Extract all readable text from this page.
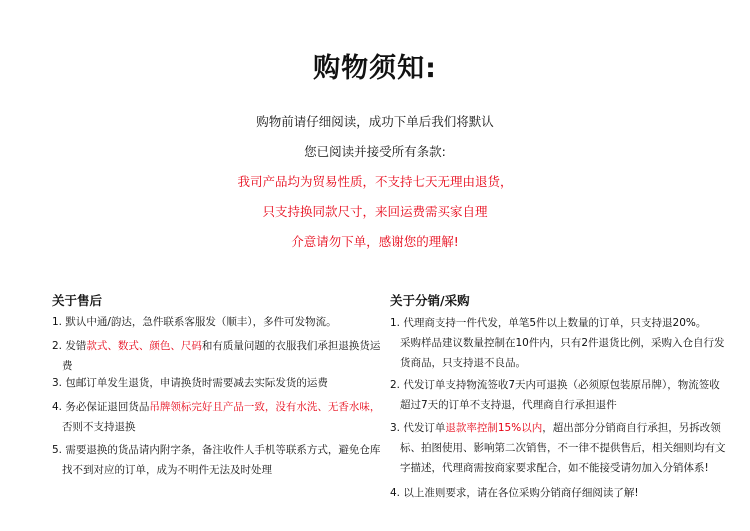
购物须知:
购物前请仔细阅读，成功下单后我们将默认
您已阅读并接受所有条款:
我司产品均为贸易性质，不支持七天无理由退货，
只支持换同款尺寸，来回运费需买家自理
介意请勿下单，感谢您的理解!
关于售后
1. 默认中通/韵达，急件联系客服发（顺丰），多件可发物流。
2. 发错款式、数式、颜色、尺码和有质量问题的衣服我们承担退换货运
费
3. 包邮订单发生退货，申请换货时需要减去实际发货的运费
4. 务必保证退回货品吊牌领标完好且产品一致，没有水洗、无香水味，
否则不支持退换
5. 需要退换的货品请内附字条，备注收件人手机等联系方式，避免仓库
找不到对应的订单，成为不明件无法及时处理
关于分销/采购
1. 代理商支持一件代发，单笔5件以上数量的订单，只支持退20%。
采购样品建议数量控制在10件内，只有2件退货比例，采购入仓自行发
货商品，只支持退不良品。
2. 代发订单支持物流签收7天内可退换（必须原包装原吊牌），物流签收
超过7天的订单不支持退，代理商自行承担退件
3. 代发订单退款率控制15%以内，超出部分分销商自行承担，另拆改领
标、拍图使用、影响第二次销售，不一律不提供售后，相关细则均有文
字描述，代理商需按商家要求配合，如不能接受请勿加入分销体系!
4. 以上准则要求，请在各位采购分销商仔细阅读了解!
